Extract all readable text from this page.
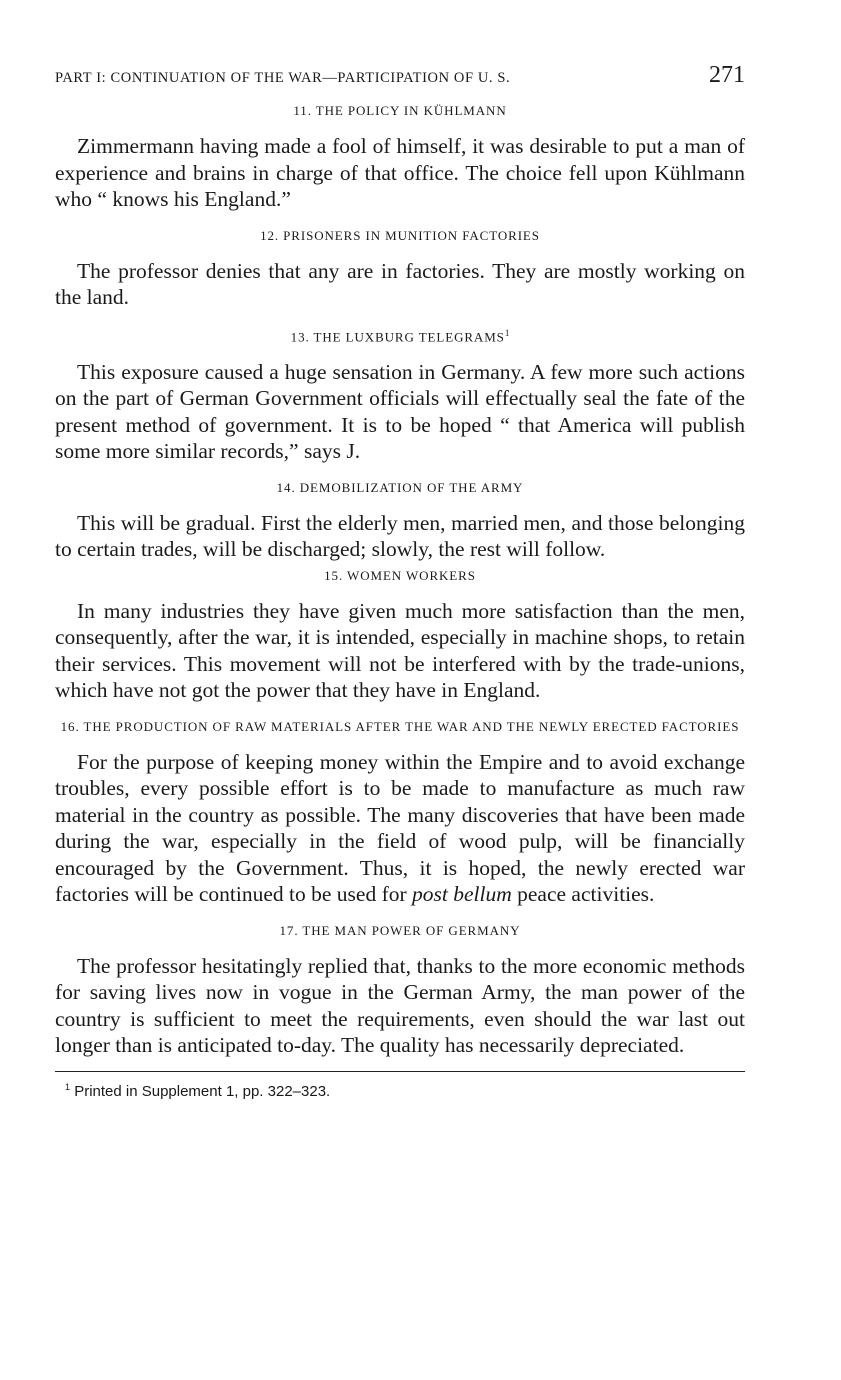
PART I: CONTINUATION OF THE WAR—PARTICIPATION OF U. S.	271
11. THE POLICY IN KÜHLMANN

Zimmermann having made a fool of himself, it was desirable to put a man of experience and brains in charge of that office. The choice fell upon Kühlmann who “ knows his England.”

12. PRISONERS IN MUNITION FACTORIES

The professor denies that any are in factories. They are mostly working on the land.

13. THE LUXBURG TELEGRAMS$^1$

This exposure caused a huge sensation in Germany. A few more such actions on the part of German Government officials will effectually seal the fate of the present method of government. It is to be hoped “ that America will publish some more similar records,” says J.

14. DEMOBILIZATION OF THE ARMY

This will be gradual. First the elderly men, married men, and those belonging to certain trades, will be discharged; slowly, the rest will follow.

15. WOMEN WORKERS

In many industries they have given much more satisfaction than the men, consequently, after the war, it is intended, especially in machine shops, to retain their services. This movement will not be interfered with by the trade-unions, which have not got the power that they have in England.

16. THE PRODUCTION OF RAW MATERIALS AFTER THE WAR AND THE NEWLY ERECTED FACTORIES

For the purpose of keeping money within the Empire and to avoid exchange troubles, every possible effort is to be made to manufacture as much raw material in the country as possible. The many discoveries that have been made during the war, especially in the field of wood pulp, will be financially encouraged by the Government. Thus, it is hoped, the newly erected war factories will be continued to be used for post bellum peace activities.

17. THE MAN POWER OF GERMANY

The professor hesitatingly replied that, thanks to the more economic methods for saving lives now in vogue in the German Army, the man power of the country is sufficient to meet the requirements, even should the war last out longer than is anticipated to-day. The quality has necessarily depreciated.

$^1$ Printed in Supplement 1, pp. 322–323.
